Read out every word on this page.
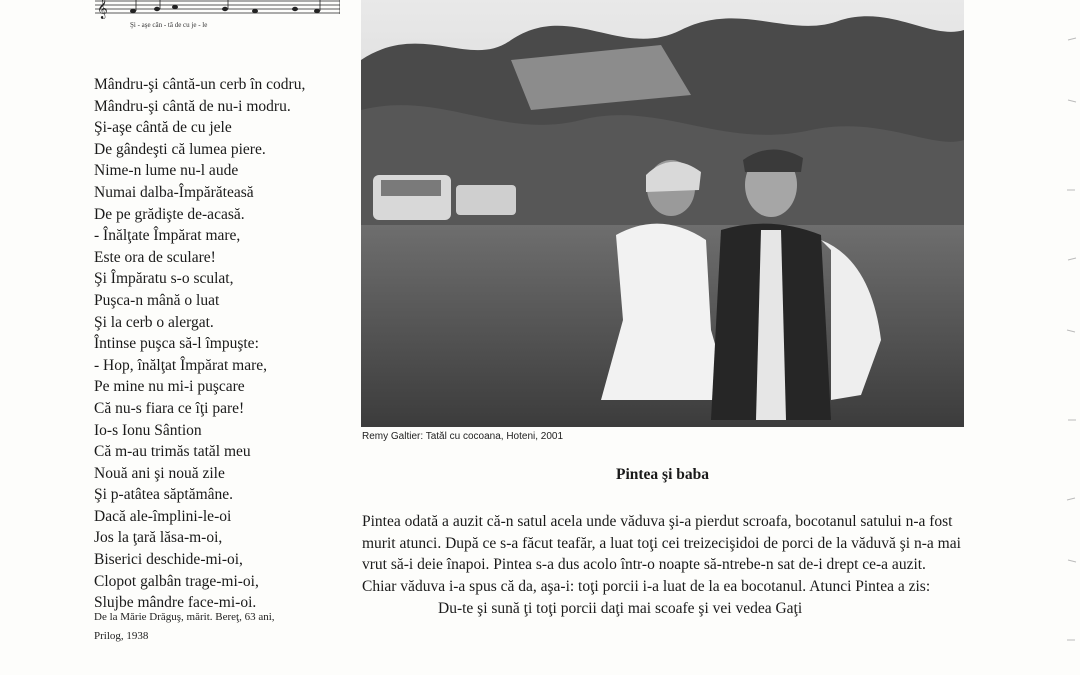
𝄞
Şi - aşe cân - tă de cu je - le
Mândru-şi cântă-un cerb în codru,
Mândru-şi cântă de nu-i modru.
Şi-aşe cântă de cu jele
De gândeşti că lumea piere.
Nime-n lume nu-l aude
Numai dalba-Împărăteasă
De pe grădişte de-acasă.
- Înălţate Împărat mare,
Este ora de sculare!
Şi Împăratu s-o sculat,
Puşca-n mână o luat
Şi la cerb o alergat.
Întinse puşca să-l împuşte:
- Hop, înălţat Împărat mare,
Pe mine nu mi-i puşcare
Că nu-s fiara ce îţi pare!
Io-s Ionu Sântion
Că m-au trimăs tatăl meu
Nouă ani şi nouă zile
Şi p-atâtea săptămâne.
Dacă ale-împlini-le-oi
Jos la ţară lăsa-m-oi,
Biserici deschide-mi-oi,
Clopot galbân trage-mi-oi,
Slujbe mândre face-mi-oi.
De la Mărie Drăguş, mărit. Bereţ, 63 ani,
Prilog, 1938
Remy Galtier: Tatăl cu cocoana, Hoteni, 2001
Pintea şi baba

Pintea odată a auzit că-n satul acela unde văduva şi-a pierdut scroafa, bocotanul satului n-a fost murit atunci. După ce s-a făcut teafăr, a luat toţi cei treizecişidoi de porci de la văduvă şi n-a mai vrut să-i deie înapoi. Pintea s-a dus acolo într-o noapte să-ntrebe-n sat de-i drept ce-a auzit.

Chiar văduva i-a spus că da, aşa-i: toţi porcii i-a luat de la ea bocotanul. Atunci Pintea a zis:

Du-te şi sună ţi toţi porcii daţi mai scoafe şi vei vedea Gaţi
